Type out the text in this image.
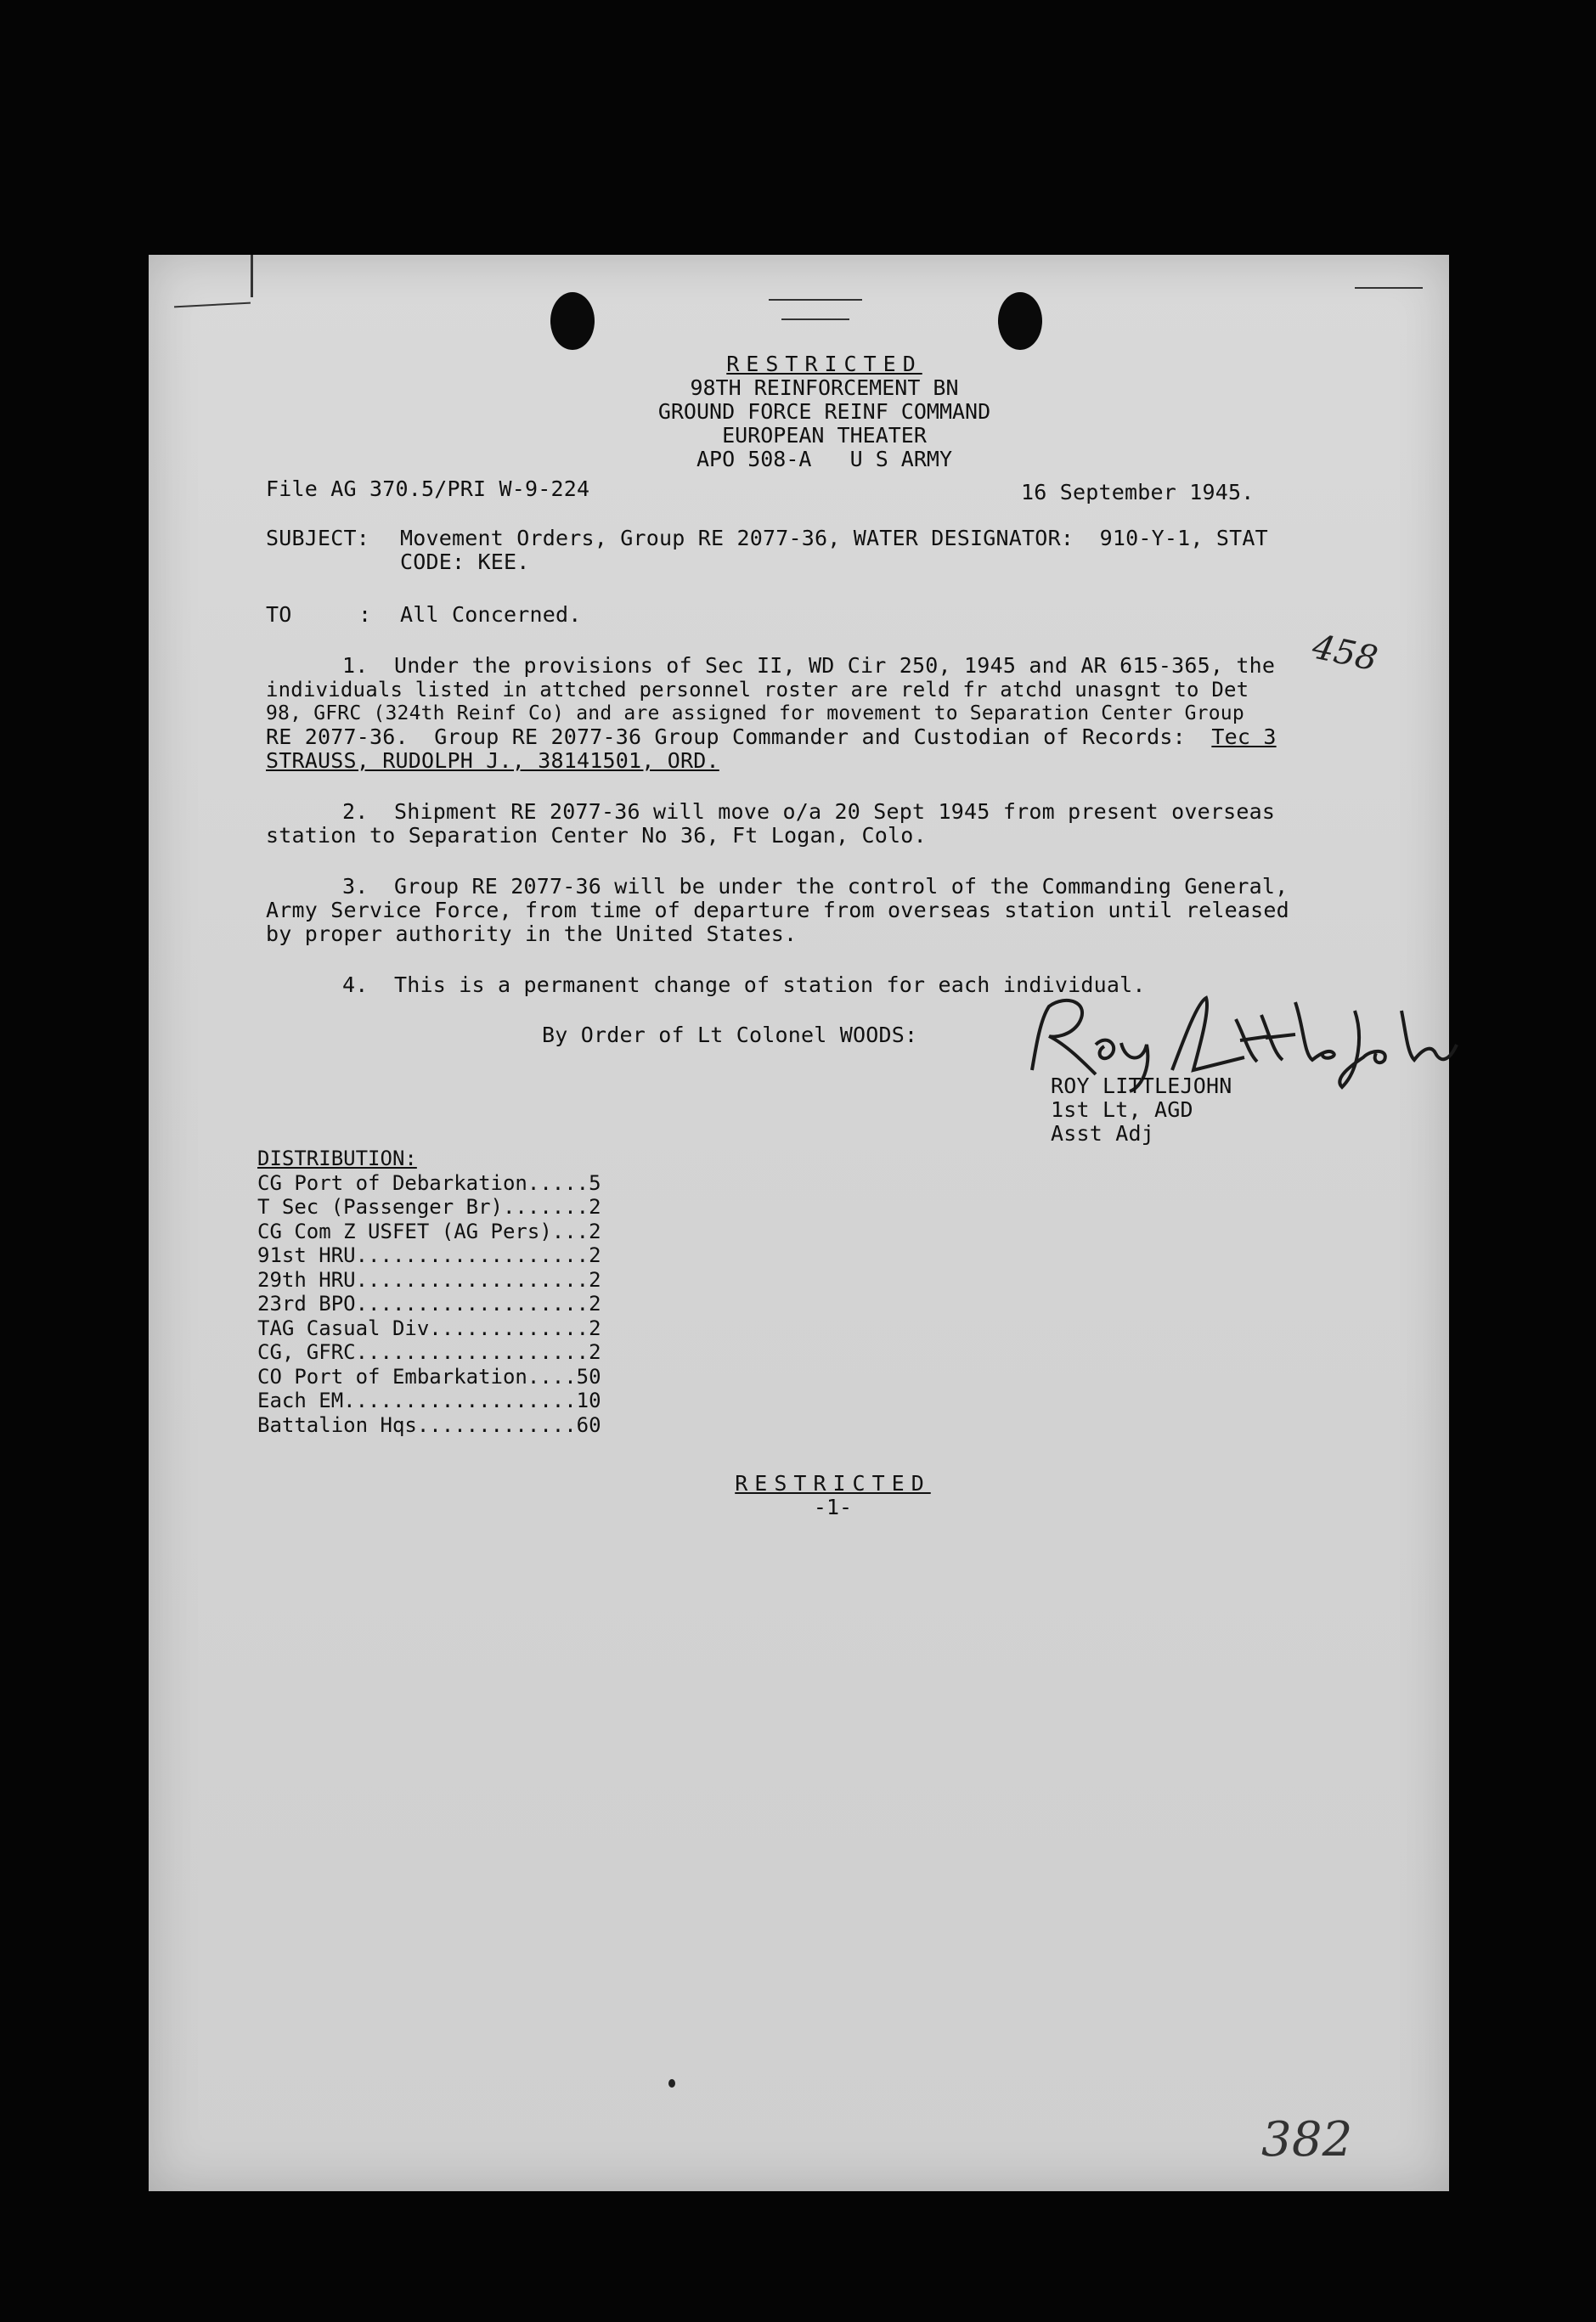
RESTRICTED
98TH REINFORCEMENT BN
GROUND FORCE REINF COMMAND
EUROPEAN THEATER
APO 508-A   U S ARMY
File AG 370.5/PRI W-9-224	16 September 1945.
SUBJECT: Movement Orders, Group RE 2077-36, WATER DESIGNATOR:  910-Y-1, STAT
CODE: KEE.
TO	: All Concerned.
458
1.  Under the provisions of Sec II, WD Cir 250, 1945 and AR 615-365, the
individuals listed in attched personnel roster are reld fr atchd unasgnt to Det
98, GFRC (324th Reinf Co) and are assigned for movement to Separation Center Group
RE 2077-36.  Group RE 2077-36 Group Commander and Custodian of Records:  Tec 3
STRAUSS, RUDOLPH J., 38141501, ORD.
2.  Shipment RE 2077-36 will move o/a 20 Sept 1945 from present overseas
station to Separation Center No 36, Ft Logan, Colo.
3.  Group RE 2077-36 will be under the control of the Commanding General,
Army Service Force, from time of departure from overseas station until released
by proper authority in the United States.
4.  This is a permanent change of station for each individual.
By Order of Lt Colonel WOODS:
ROY LITTLEJOHN
1st Lt, AGD
Asst Adj
DISTRIBUTION:
CG Port of Debarkation.....5
T Sec (Passenger Br).......2
CG Com Z USFET (AG Pers)...2
91st HRU...................2
29th HRU...................2
23rd BPO...................2
TAG Casual Div.............2
CG, GFRC...................2
CO Port of Embarkation....50
Each EM...................10
Battalion Hqs.............60
RESTRICTED
-1-
382
